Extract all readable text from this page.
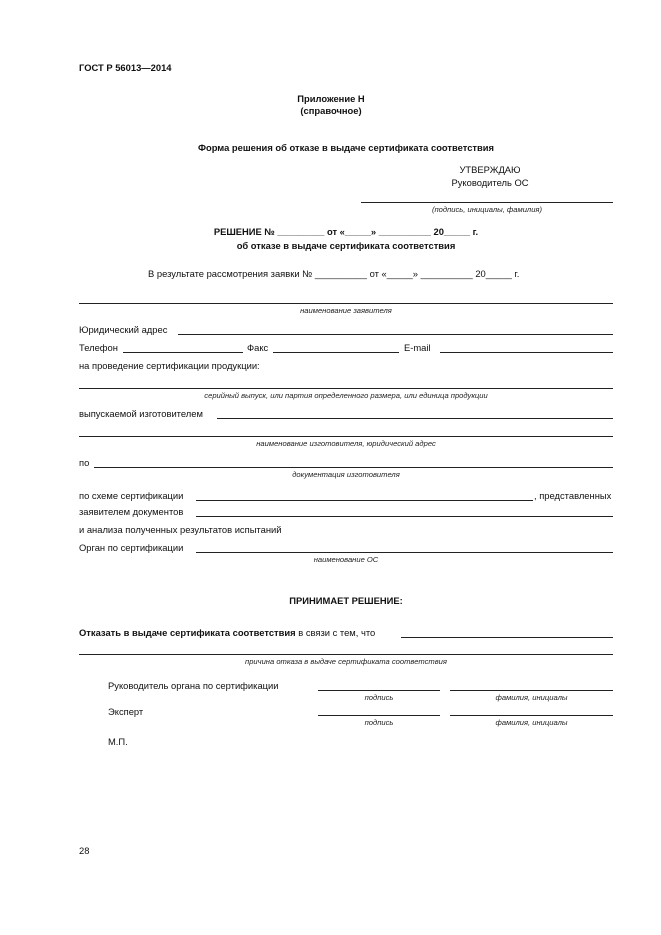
ГОСТ Р 56013—2014
Приложение Н
(справочное)
Форма решения об отказе в выдаче сертификата соответствия
УТВЕРЖДАЮ
Руководитель ОС
(подпись, инициалы, фамилия)
РЕШЕНИЕ № _________ от «_____» __________ 20_____ г.
об отказе в выдаче сертификата соответствия
В результате рассмотрения заявки № __________ от «_____» __________ 20_____ г.
наименование заявителя
Юридический адрес
Телефон	Факс	E-mail
на проведение сертификации продукции:
серийный выпуск, или партия определенного размера, или единица продукции
выпускаемой изготовителем
наименование изготовителя, юридический адрес
по
документация изготовителя
по схеме сертификации	, представленных
заявителем документов
и анализа полученных результатов испытаний
Орган по сертификации
наименование ОС
ПРИНИМАЕТ РЕШЕНИЕ:
Отказать в выдаче сертификата соответствия в связи с тем, что
причина отказа в выдаче сертификата соответствия
Руководитель органа по сертификации
подпись	фамилия, инициалы
Эксперт
подпись	фамилия, инициалы
М.П.
28
